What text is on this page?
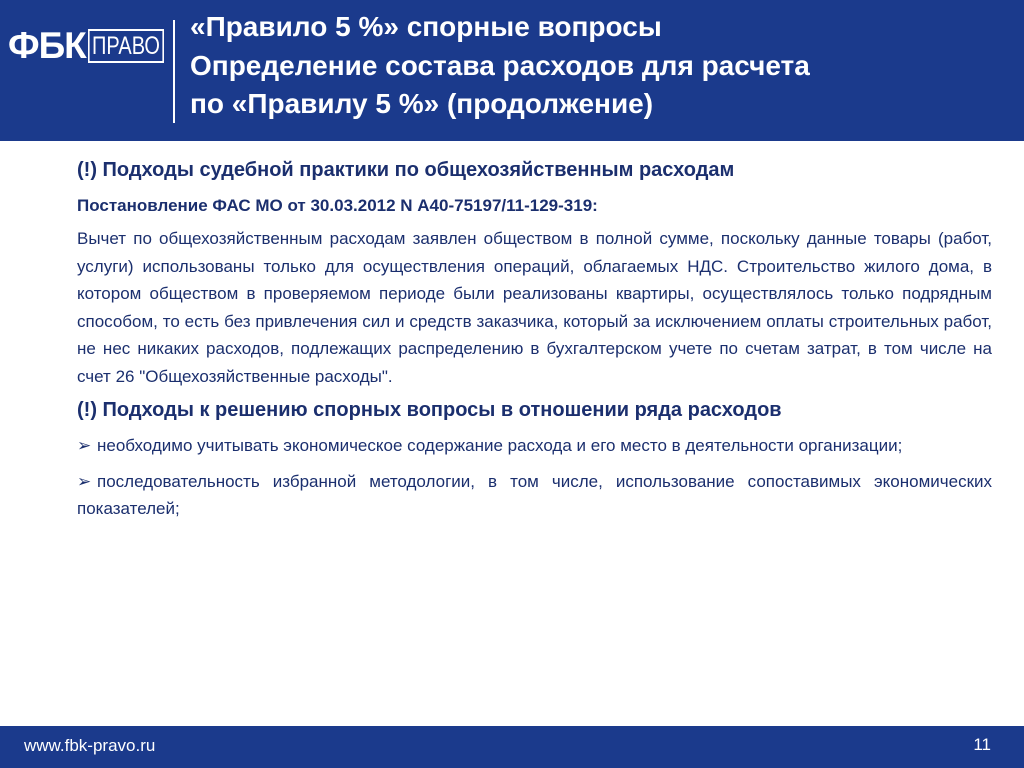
ФБК ПРАВО
«Правило 5 %» спорные вопросы
Определение состава расходов для расчета
по «Правилу 5 %» (продолжение)

(!) Подходы судебной практики по общехозяйственным расходам

Постановление ФАС МО от 30.03.2012 N А40-75197/11-129-319:

Вычет по общехозяйственным расходам заявлен обществом в полной сумме, поскольку данные товары (работ, услуги) использованы только для осуществления операций, облагаемых НДС. Строительство жилого дома, в котором обществом в проверяемом периоде были реализованы квартиры, осуществлялось только подрядным способом, то есть без привлечения сил и средств заказчика, который за исключением оплаты строительных работ, не нес никаких расходов, подлежащих распределению в бухгалтерском учете по счетам затрат, в том числе на счет 26 "Общехозяйственные расходы".

(!) Подходы к решению спорных вопросы в отношении ряда расходов

➢ необходимо учитывать экономическое содержание расхода и его место в деятельности организации;

➢ последовательность избранной методологии, в том числе, использование сопоставимых экономических показателей;

www.fbk-pravo.ru	11
